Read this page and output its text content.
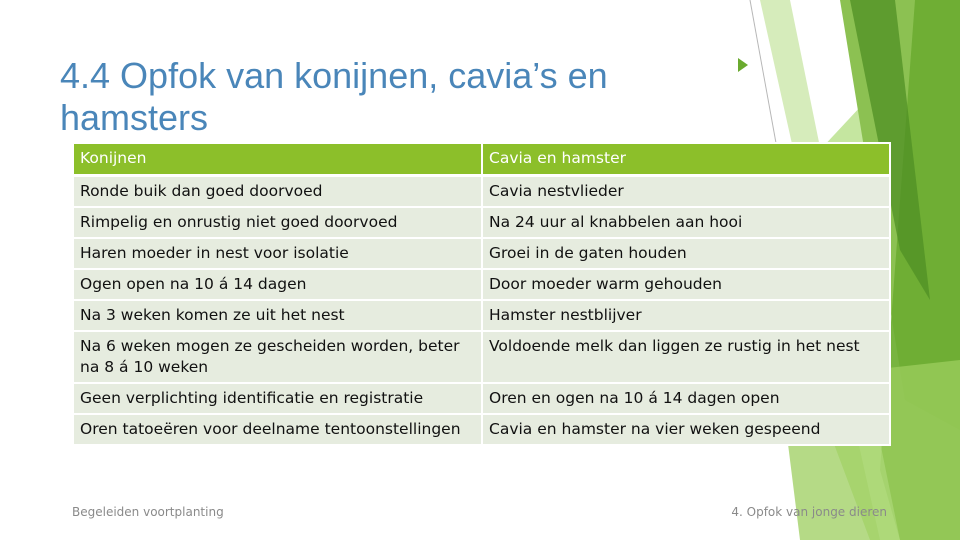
4.4 Opfok van konijnen, cavia’s en hamsters
Konijnen	Cavia en hamster
Ronde buik dan goed doorvoed	Cavia nestvlieder
Rimpelig en onrustig niet goed doorvoed	Na 24 uur al knabbelen aan hooi
Haren moeder in nest voor isolatie	Groei in de gaten houden
Ogen open na 10 á 14 dagen	Door moeder warm gehouden
Na 3 weken komen ze uit het nest	Hamster nestblijver
Na 6 weken mogen ze gescheiden worden, beter na 8 á 10 weken	Voldoende melk dan liggen ze rustig in het nest
Geen verplichting identificatie en registratie	Oren en ogen na 10 á 14 dagen open
Oren tatoeëren voor deelname tentoonstellingen	Cavia en hamster na vier weken gespeend
Begeleiden voortplanting	4. Opfok van jonge dieren
